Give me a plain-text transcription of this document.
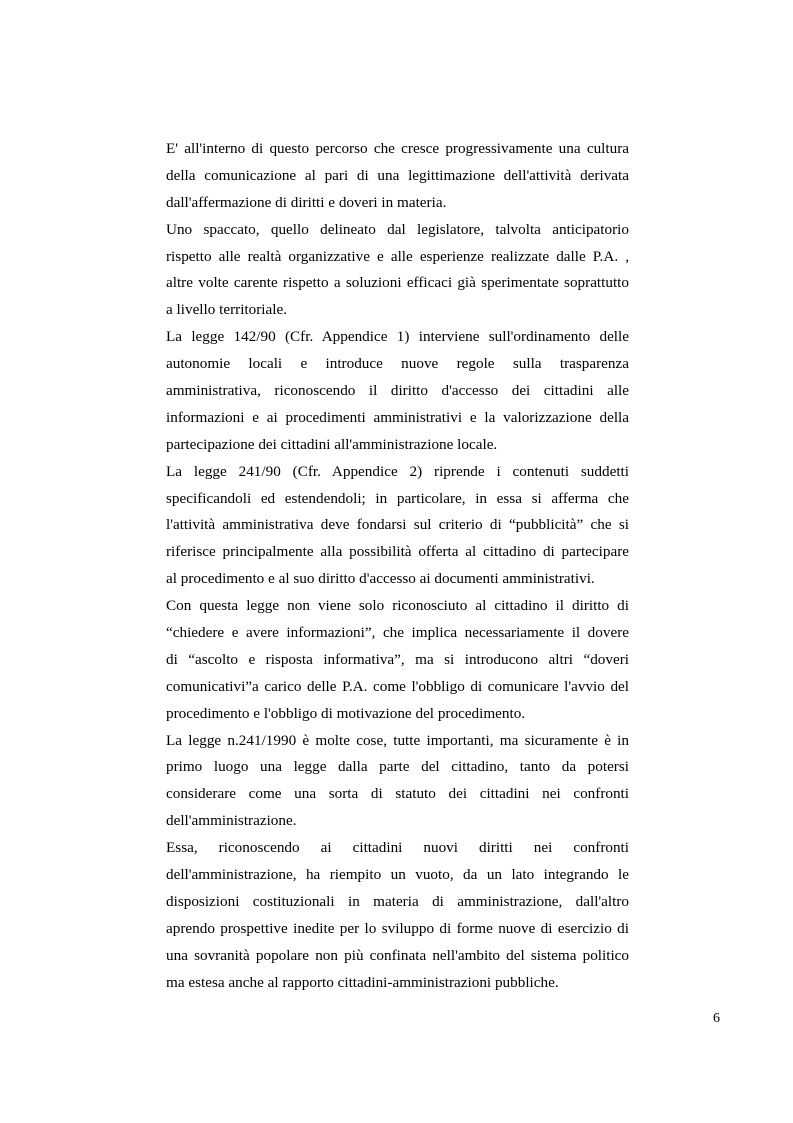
E' all'interno di questo percorso che cresce progressivamente una cultura
della comunicazione al pari di una legittimazione dell'attività derivata
dall'affermazione di diritti e doveri in materia.
Uno spaccato, quello delineato dal legislatore, talvolta anticipatorio
rispetto alle realtà organizzative e alle esperienze realizzate dalle P.A. ,
altre volte carente rispetto a soluzioni efficaci già sperimentate soprattutto
a livello territoriale.
La legge 142/90 (Cfr. Appendice 1) interviene sull'ordinamento delle
autonomie locali e introduce nuove regole sulla trasparenza
amministrativa, riconoscendo il diritto d'accesso dei cittadini alle
informazioni e ai procedimenti amministrativi e la valorizzazione della
partecipazione dei cittadini all'amministrazione locale.
La legge 241/90 (Cfr. Appendice 2) riprende i contenuti suddetti
specificandoli ed estendendoli; in particolare, in essa si afferma che
l'attività amministrativa deve fondarsi sul criterio di “pubblicità” che si
riferisce principalmente alla possibilità offerta al cittadino di partecipare
al procedimento e al suo diritto d'accesso ai documenti amministrativi.
Con questa legge non viene solo riconosciuto al cittadino il diritto di
“chiedere e avere informazioni”, che implica necessariamente il dovere
di “ascolto e risposta informativa”, ma si introducono altri “doveri
comunicativi”a carico delle P.A. come l'obbligo di comunicare l'avvio del
procedimento e l'obbligo di motivazione del procedimento.
La legge n.241/1990 è molte cose, tutte importanti, ma sicuramente è in
primo luogo una legge dalla parte del cittadino, tanto da potersi
considerare come una sorta di statuto dei cittadini nei confronti
dell'amministrazione.
Essa, riconoscendo ai cittadini nuovi diritti nei confronti
dell'amministrazione, ha riempito un vuoto, da un lato integrando le
disposizioni costituzionali in materia di amministrazione, dall'altro
aprendo prospettive inedite per lo sviluppo di forme nuove di esercizio di
una sovranità popolare non più confinata nell'ambito del sistema politico
ma estesa anche al rapporto cittadini-amministrazioni pubbliche.
6
